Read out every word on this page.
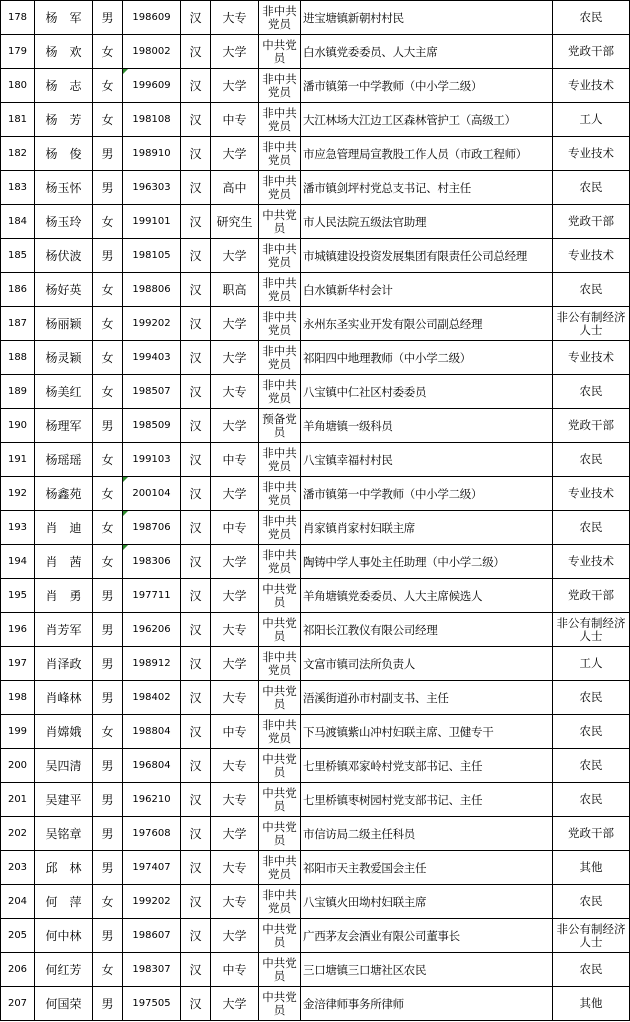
178	杨　军	男	198609	汉	大专	非中共党员	进宝塘镇新朝村村民	农民
179	杨　欢	女	198002	汉	大学	中共党员	白水镇党委委员、人大主席	党政干部
180	杨　志	女	199609	汉	大学	非中共党员	潘市镇第一中学教师（中小学二级）	专业技术
181	杨　芳	女	198108	汉	中专	非中共党员	大江林场大江边工区森林管护工（高级工）	工人
182	杨　俊	男	198910	汉	大学	非中共党员	市应急管理局宣教股工作人员（市政工程师）	专业技术
183	杨玉怀	男	196303	汉	高中	非中共党员	潘市镇剑坪村党总支书记、村主任	农民
184	杨玉玲	女	199101	汉	研究生	中共党员	市人民法院五级法官助理	党政干部
185	杨伏波	男	198105	汉	大学	非中共党员	市城镇建设投资发展集团有限责任公司总经理	专业技术
186	杨好英	女	198806	汉	职高	非中共党员	白水镇新华村会计	农民
187	杨丽颖	女	199202	汉	大学	非中共党员	永州东圣实业开发有限公司副总经理	非公有制经济人士
188	杨灵颖	女	199403	汉	大学	非中共党员	祁阳四中地理教师（中小学二级）	专业技术
189	杨美红	女	198507	汉	大专	非中共党员	八宝镇中仁社区村委委员	农民
190	杨理军	男	198509	汉	大学	预备党员	羊角塘镇一级科员	党政干部
191	杨瑶瑶	女	199103	汉	中专	非中共党员	八宝镇幸福村村民	农民
192	杨鑫苑	女	200104	汉	大学	非中共党员	潘市镇第一中学教师（中小学二级）	专业技术
193	肖　迪	女	198706	汉	中专	非中共党员	肖家镇肖家村妇联主席	农民
194	肖　茜	女	198306	汉	大学	非中共党员	陶铸中学人事处主任助理（中小学二级）	专业技术
195	肖　勇	男	197711	汉	大学	中共党员	羊角塘镇党委委员、人大主席候选人	党政干部
196	肖芳军	男	196206	汉	大专	中共党员	祁阳长江教仪有限公司经理	非公有制经济人士
197	肖泽政	男	198912	汉	大学	非中共党员	文富市镇司法所负责人	工人
198	肖峰林	男	198402	汉	大专	中共党员	浯溪街道孙市村副支书、主任	农民
199	肖嫦娥	女	198804	汉	中专	非中共党员	下马渡镇紫山冲村妇联主席、卫健专干	农民
200	吴四清	男	196804	汉	大专	中共党员	七里桥镇邓家岭村党支部书记、主任	农民
201	吴建平	男	196210	汉	大专	中共党员	七里桥镇枣树园村党支部书记、主任	农民
202	吴铭章	男	197608	汉	大学	中共党员	市信访局二级主任科员	党政干部
203	邱　林	男	197407	汉	大专	非中共党员	祁阳市天主教爱国会主任	其他
204	何　萍	女	199202	汉	大专	非中共党员	八宝镇火田坳村妇联主席	农民
205	何中林	男	198607	汉	大学	中共党员	广西茅友会酒业有限公司董事长	非公有制经济人士
206	何红芳	女	198307	汉	中专	中共党员	三口塘镇三口塘社区农民	农民
207	何国荣	男	197505	汉	大学	中共党员	金涪律师事务所律师	其他
